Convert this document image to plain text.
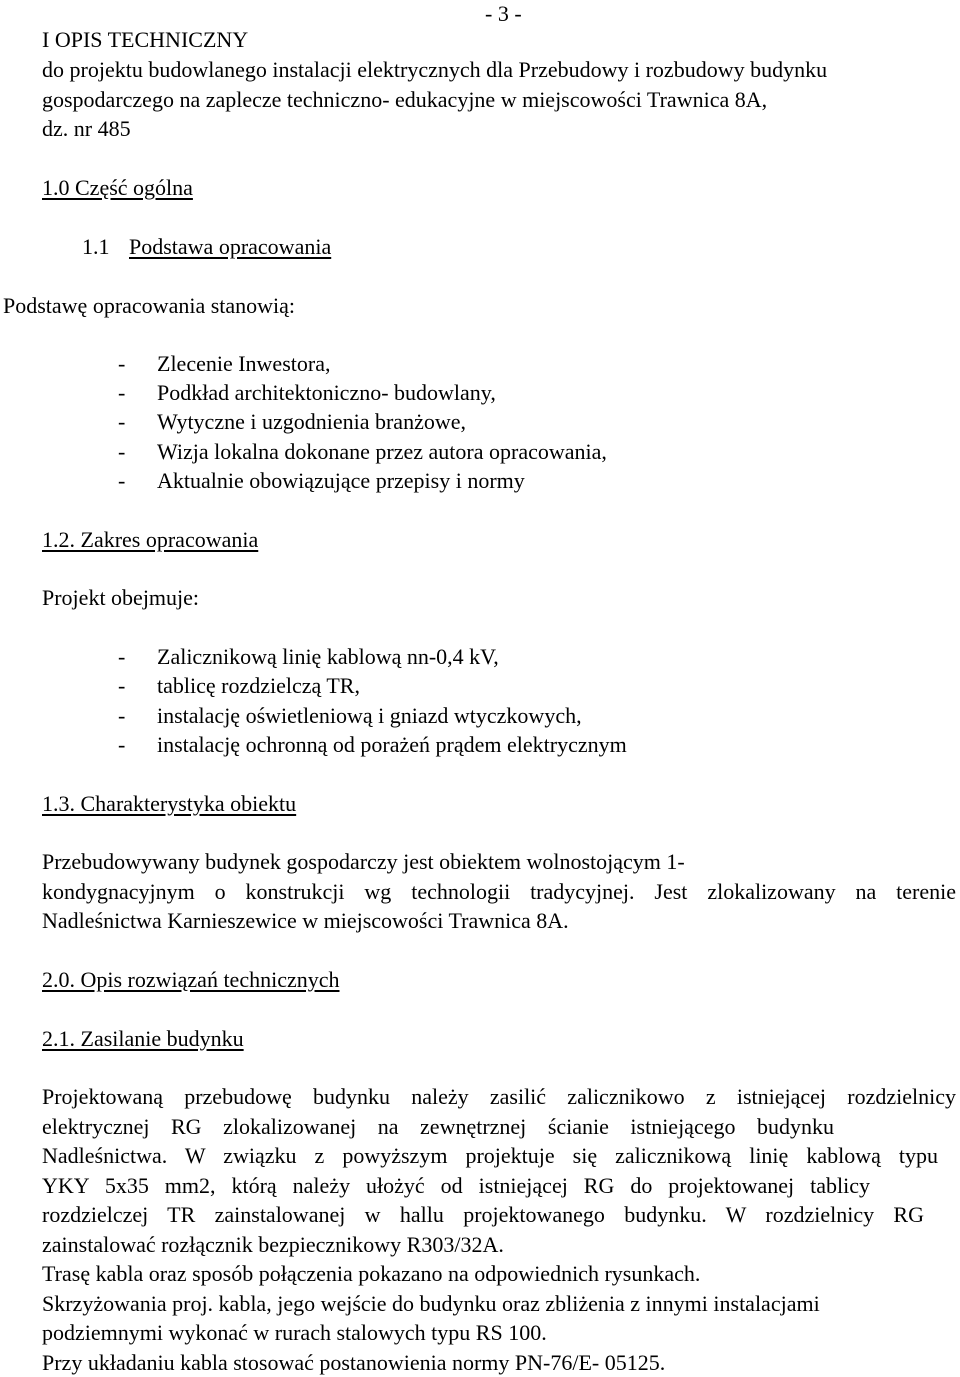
- 3 -
I OPIS TECHNICZNY
do projektu budowlanego instalacji elektrycznych dla Przebudowy i rozbudowy budynku
gospodarczego na zaplecze techniczno- edukacyjne w miejscowości Trawnica 8A,
dz. nr 485
1.0 Część ogólna
1.1 Podstawa opracowania
Podstawę opracowania stanowią:
- Zlecenie Inwestora,
- Podkład architektoniczno- budowlany,
- Wytyczne i uzgodnienia branżowe,
- Wizja lokalna dokonane przez autora opracowania,
- Aktualnie obowiązujące przepisy i normy
1.2. Zakres opracowania
Projekt obejmuje:
- Zalicznikową linię kablową nn-0,4 kV,
- tablicę rozdzielczą TR,
- instalację oświetleniową i gniazd wtyczkowych,
- instalację ochronną od porażeń prądem elektrycznym
1.3. Charakterystyka obiektu
Przebudowywany budynek gospodarczy jest obiektem wolnostojącym 1-
kondygnacyjnym o konstrukcji wg technologii tradycyjnej. Jest zlokalizowany na terenie
Nadleśnictwa Karnieszewice w miejscowości Trawnica 8A.
2.0. Opis rozwiązań technicznych
2.1. Zasilanie budynku
Projektowaną przebudowę budynku należy zasilić zalicznikowo z istniejącej rozdzielnicy
elektrycznej RG zlokalizowanej na zewnętrznej ścianie istniejącego budynku
Nadleśnictwa. W związku z powyższym projektuje się zalicznikową linię kablową typu
YKY 5x35 mm2, którą należy ułożyć od istniejącej RG do projektowanej tablicy
rozdzielczej TR zainstalowanej w hallu projektowanego budynku. W rozdzielnicy RG
zainstalować rozłącznik bezpiecznikowy R303/32A.
Trasę kabla oraz sposób połączenia pokazano na odpowiednich rysunkach.
Skrzyżowania proj. kabla, jego wejście do budynku oraz zbliżenia z innymi instalacjami
podziemnymi wykonać w rurach stalowych typu RS 100.
Przy układaniu kabla stosować postanowienia normy PN-76/E- 05125.
